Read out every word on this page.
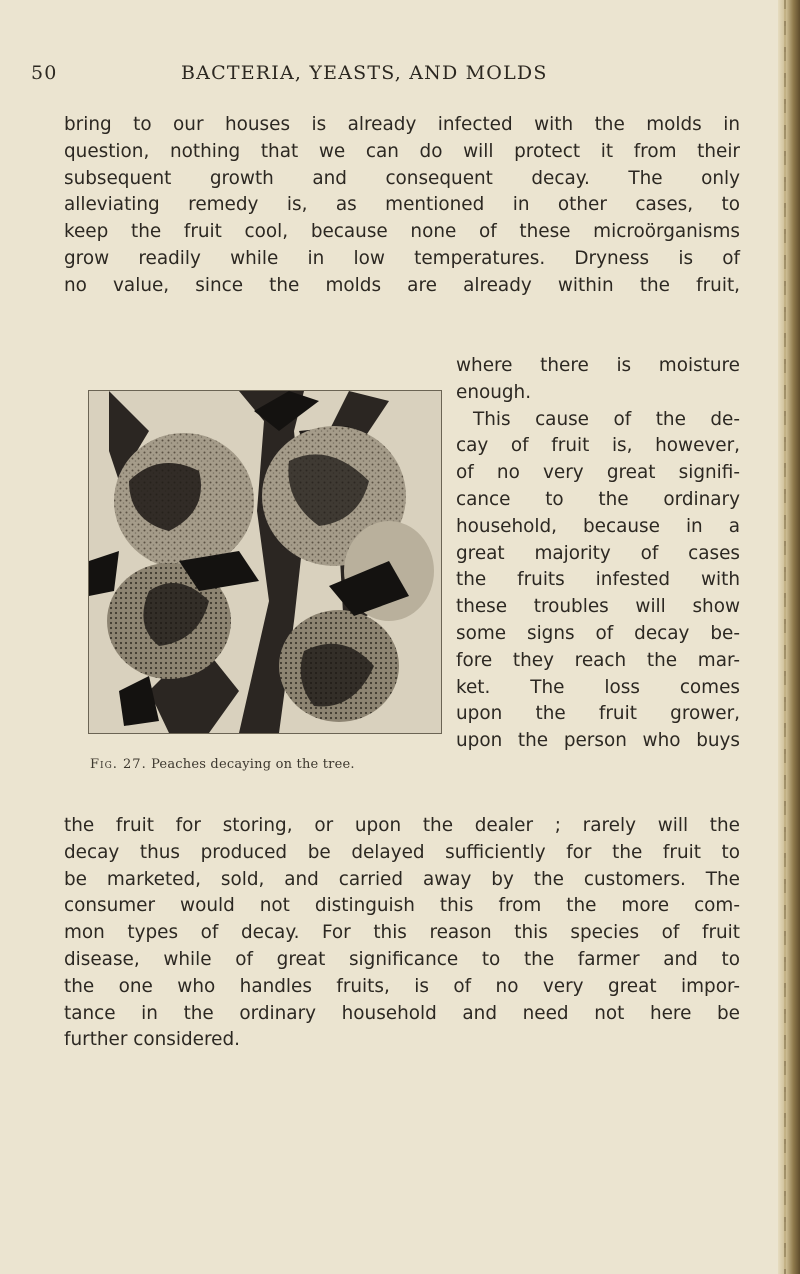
50	BACTERIA, YEASTS, AND MOLDS
bring to our houses is already infected with the molds in
question, nothing that we can do will protect it from their
subsequent growth and consequent decay. The only
alleviating remedy is, as mentioned in other cases, to
keep the fruit cool, because none of these microörganisms
grow readily while in low temperatures. Dryness is of
no value, since the molds are already within the fruit,
Fig. 27. Peaches decaying on the tree.
where there is moisture
enough.
This cause of the de-
cay of fruit is, however,
of no very great signifi-
cance to the ordinary
household, because in a
great majority of cases
the fruits infested with
these troubles will show
some signs of decay be-
fore they reach the mar-
ket. The loss comes
upon the fruit grower,
upon the person who buys
the fruit for storing, or upon the dealer ; rarely will the
decay thus produced be delayed sufficiently for the fruit to
be marketed, sold, and carried away by the customers. The
consumer would not distinguish this from the more com-
mon types of decay. For this reason this species of fruit
disease, while of great significance to the farmer and to
the one who handles fruits, is of no very great impor-
tance in the ordinary household and need not here be
further considered.
